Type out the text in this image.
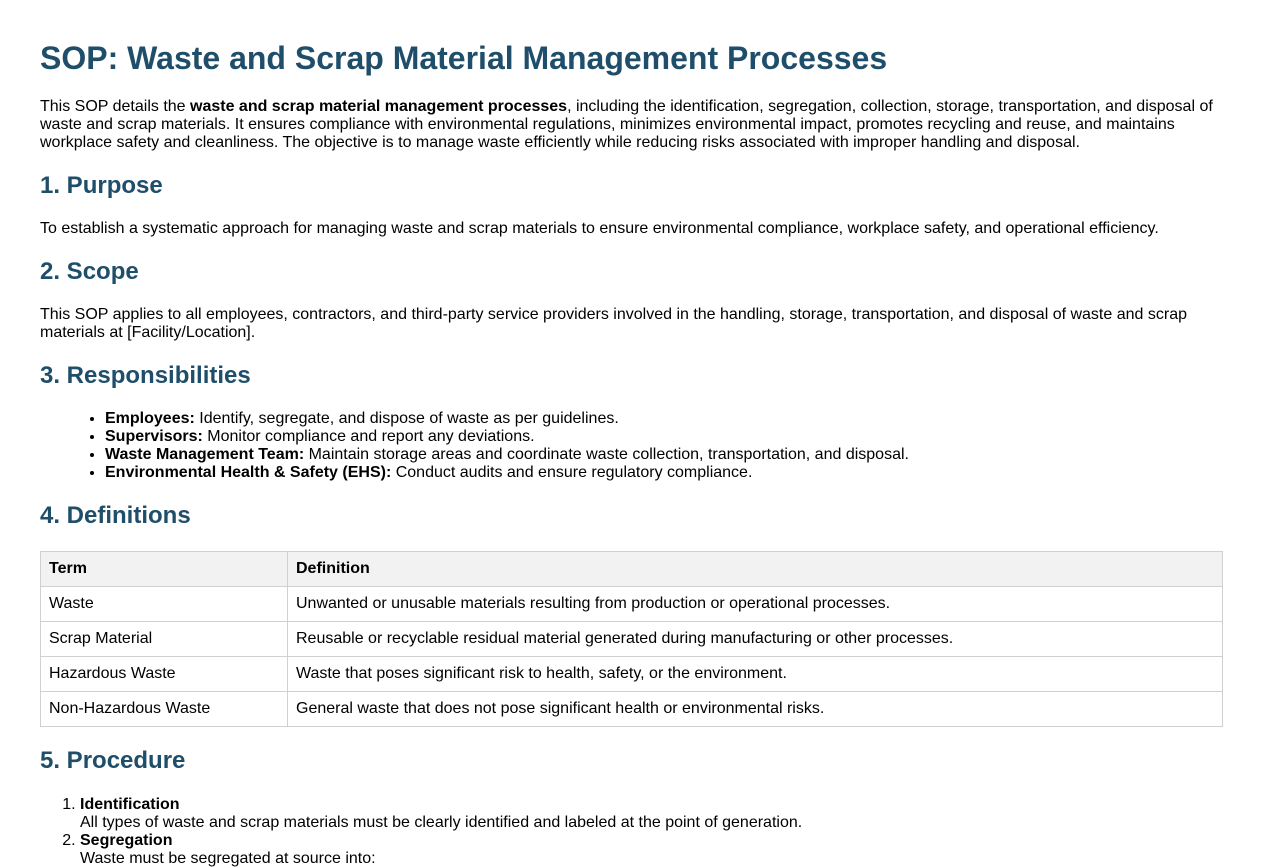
SOP: Waste and Scrap Material Management Processes

This SOP details the waste and scrap material management processes, including the identification, segregation, collection, storage, transportation, and disposal of waste and scrap materials. It ensures compliance with environmental regulations, minimizes environmental impact, promotes recycling and reuse, and maintains workplace safety and cleanliness. The objective is to manage waste efficiently while reducing risks associated with improper handling and disposal.

1. Purpose

To establish a systematic approach for managing waste and scrap materials to ensure environmental compliance, workplace safety, and operational efficiency.

2. Scope

This SOP applies to all employees, contractors, and third-party service providers involved in the handling, storage, transportation, and disposal of waste and scrap materials at [Facility/Location].

3. Responsibilities
• Employees: Identify, segregate, and dispose of waste as per guidelines.
• Supervisors: Monitor compliance and report any deviations.
• Waste Management Team: Maintain storage areas and coordinate waste collection, transportation, and disposal.
• Environmental Health & Safety (EHS): Conduct audits and ensure regulatory compliance.
4. Definitions
Term	Definition
Waste	Unwanted or unusable materials resulting from production or operational processes.
Scrap Material	Reusable or recyclable residual material generated during manufacturing or other processes.
Hazardous Waste	Waste that poses significant risk to health, safety, or the environment.
Non-Hazardous Waste	General waste that does not pose significant health or environmental risks.
5. Procedure
1. Identification
All types of waste and scrap materials must be clearly identified and labeled at the point of generation.
2. Segregation
Waste must be segregated at source into:
